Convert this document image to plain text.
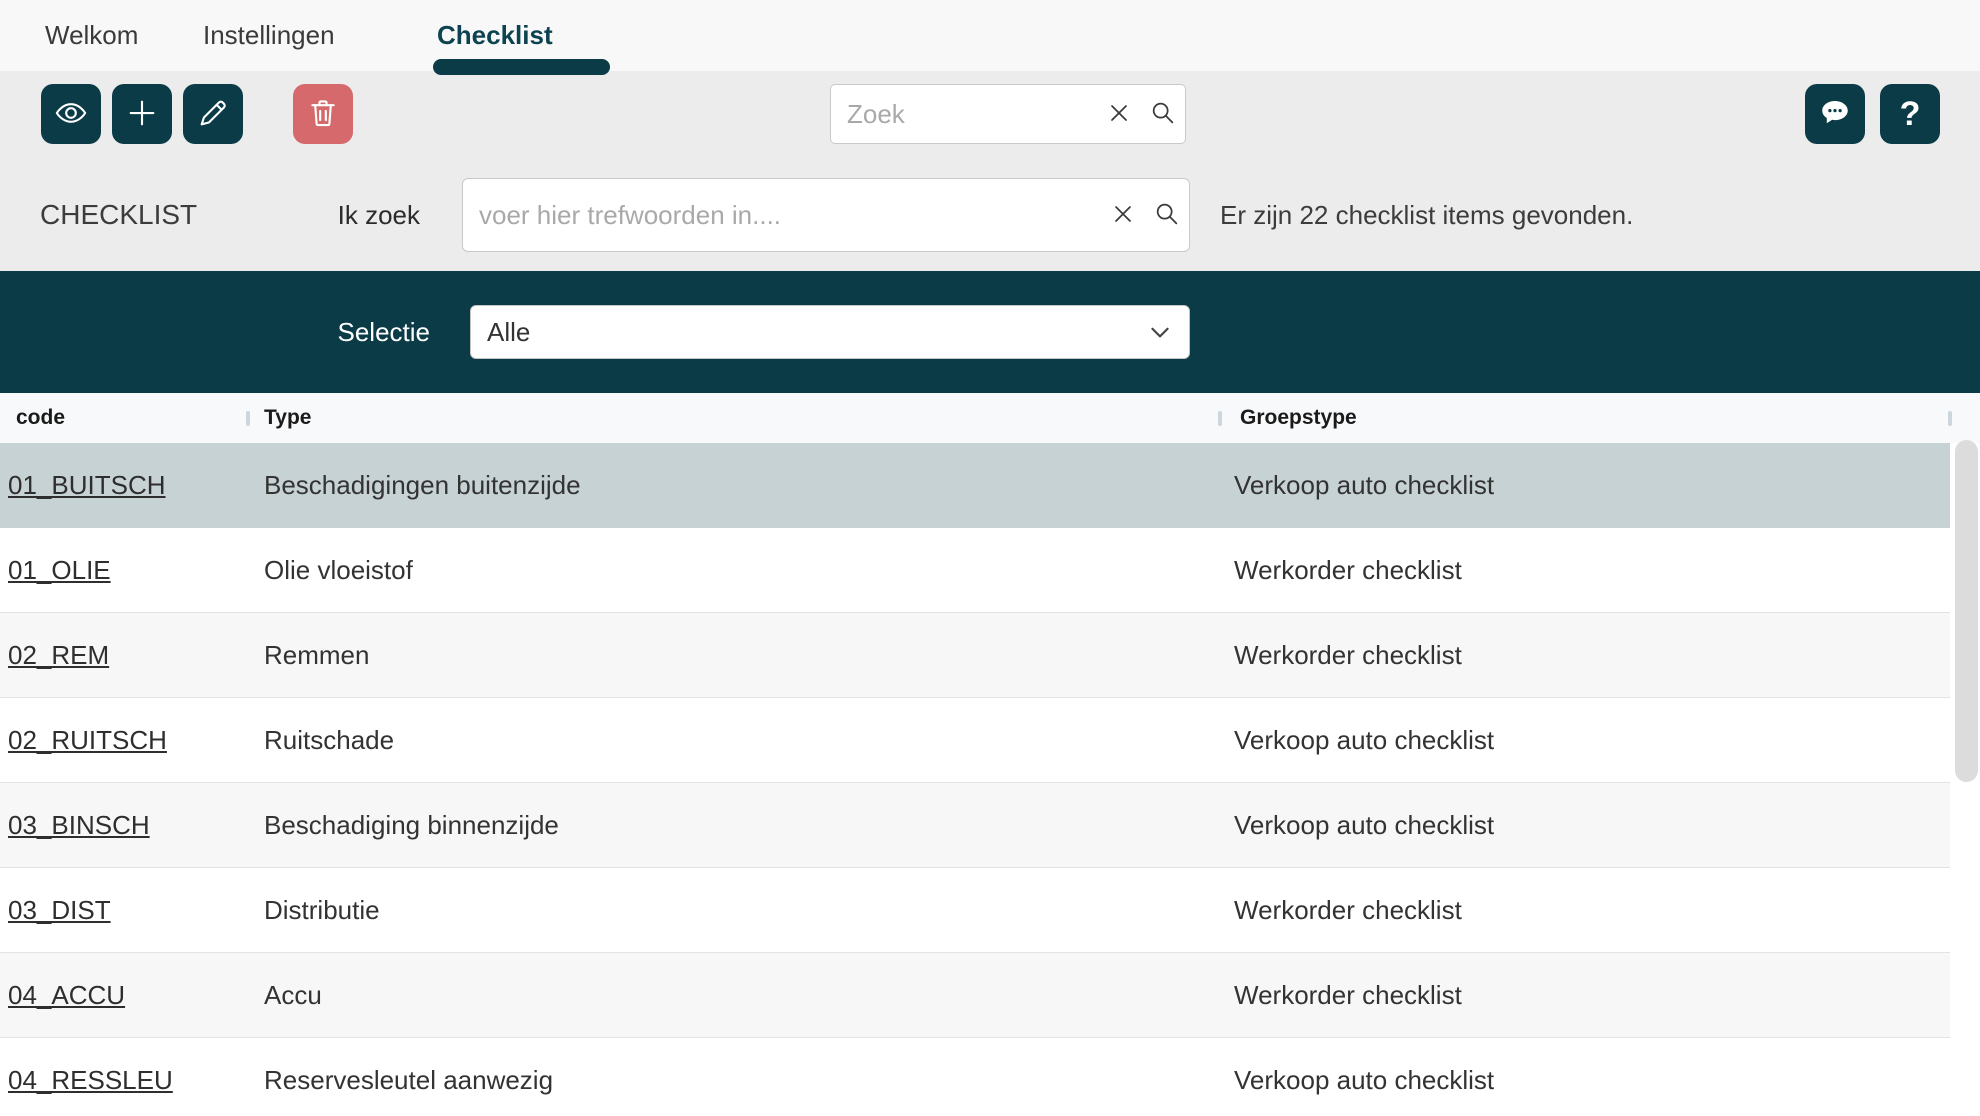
Welkom Instellingen	Checklist
Zoek
?
CHECKLIST	Ik zoek
voer hier trefwoorden in....	Er zijn 22 checklist items gevonden.
Selectie	Alle
code	Type	Groepstype
01_BUITSCH	Beschadigingen buitenzijde	Verkoop auto checklist
01_OLIE	Olie vloeistof	Werkorder checklist
02_REM	Remmen	Werkorder checklist
02_RUITSCH	Ruitschade	Verkoop auto checklist
03_BINSCH	Beschadiging binnenzijde	Verkoop auto checklist
03_DIST	Distributie	Werkorder checklist
04_ACCU	Accu	Werkorder checklist
04_RESSLEU	Reservesleutel aanwezig	Verkoop auto checklist
